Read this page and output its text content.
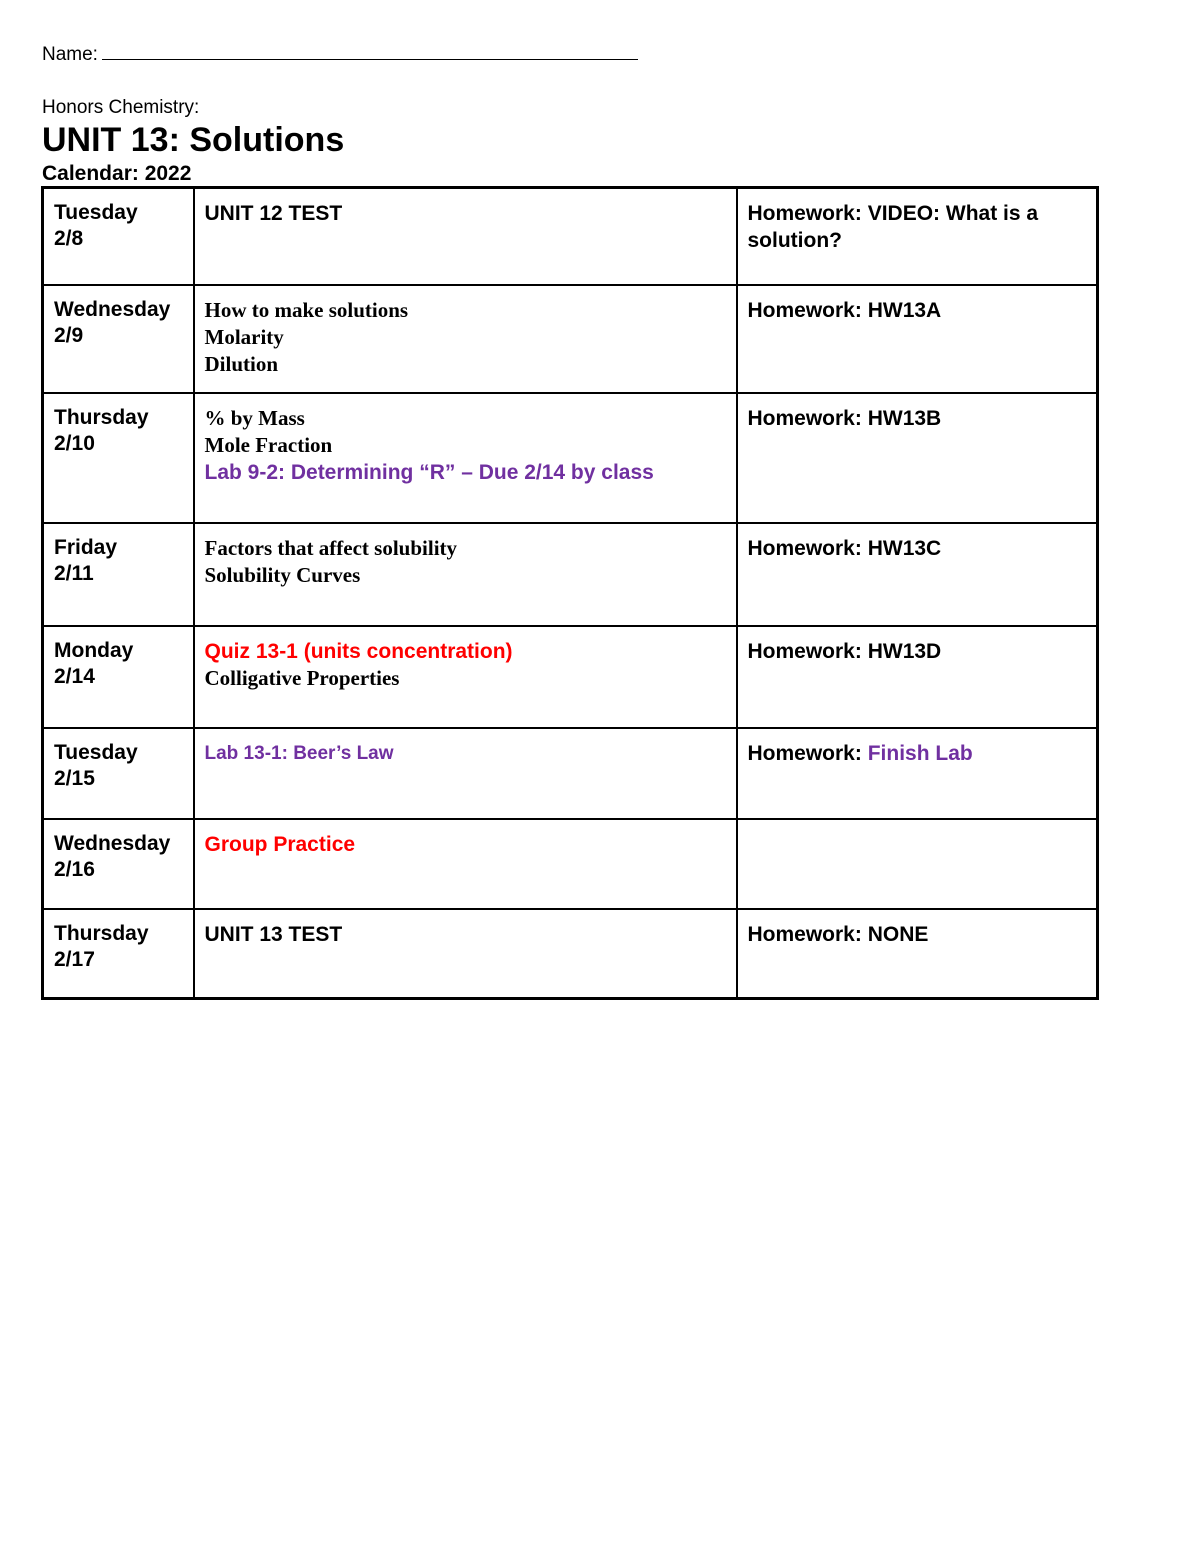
Name:
Honors Chemistry:
UNIT 13: Solutions
Calendar: 2022
Tuesday
2/8	UNIT 12 TEST	Homework: VIDEO: What is a solution?

Wednesday
2/9	How to make solutions
Molarity
Dilution	Homework: HW13A

Thursday
2/10	% by Mass
Mole Fraction
Lab 9-2: Determining “R” – Due 2/14 by class	Homework: HW13B

Friday
2/11	Factors that affect solubility
Solubility Curves	Homework: HW13C

Monday
2/14	Quiz 13-1 (units concentration)
Colligative Properties	Homework: HW13D

Tuesday
2/15	Lab 13-1: Beer’s Law	Homework: Finish Lab

Wednesday
2/16	Group Practice	

Thursday
2/17	UNIT 13 TEST	Homework: NONE
